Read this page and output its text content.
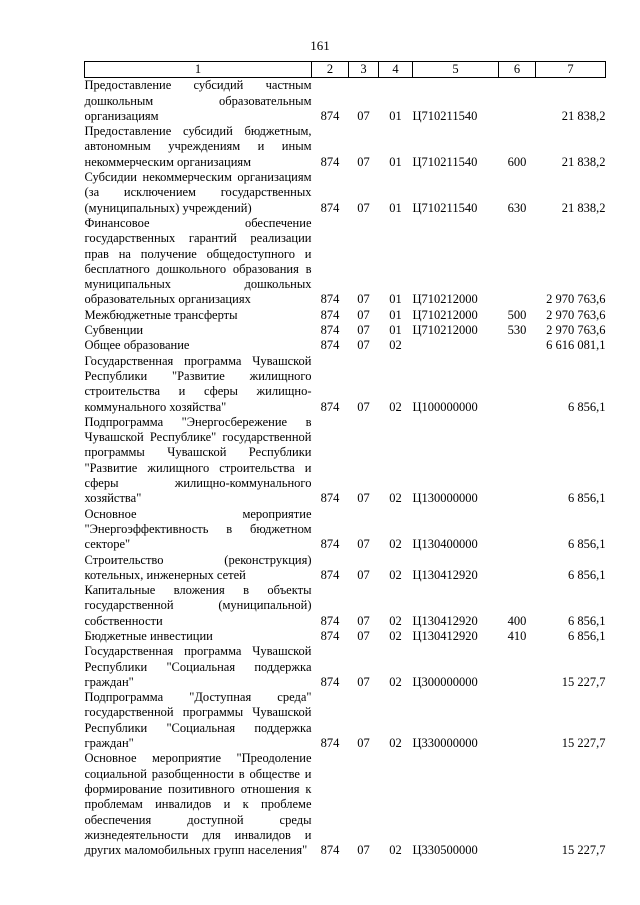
161
1	2	3	4	5	6	7
Предоставление субсидий частным дошкольным образовательным организациям	874	07	01	Ц710211540		21 838,2
Предоставление субсидий бюджетным, автономным учреждениям и иным некоммерческим организациям	874	07	01	Ц710211540	600	21 838,2
Субсидии некоммерческим организациям (за исключением государственных (муниципальных) учреждений)	874	07	01	Ц710211540	630	21 838,2
Финансовое обеспечение государственных гарантий реализации прав на получение общедоступного и бесплатного дошкольного образования в муниципальных дошкольных образовательных организациях	874	07	01	Ц710212000		2 970 763,6
Межбюджетные трансферты	874	07	01	Ц710212000	500	2 970 763,6
Субвенции	874	07	01	Ц710212000	530	2 970 763,6
Общее образование	874	07	02			6 616 081,1
Государственная программа Чувашской Республики "Развитие жилищного строительства и сферы жилищно-коммунального хозяйства"	874	07	02	Ц100000000		6 856,1
Подпрограмма "Энергосбережение в Чувашской Республике" государственной программы Чувашской Республики "Развитие жилищного строительства и сферы жилищно-коммунального хозяйства"	874	07	02	Ц130000000		6 856,1
Основное мероприятие "Энергоэффективность в бюджетном секторе"	874	07	02	Ц130400000		6 856,1
Строительство (реконструкция) котельных, инженерных сетей	874	07	02	Ц130412920		6 856,1
Капитальные вложения в объекты государственной (муниципальной) собственности	874	07	02	Ц130412920	400	6 856,1
Бюджетные инвестиции	874	07	02	Ц130412920	410	6 856,1
Государственная программа Чувашской Республики "Социальная поддержка граждан"	874	07	02	Ц300000000		15 227,7
Подпрограмма "Доступная среда" государственной программы Чувашской Республики "Социальная поддержка граждан"	874	07	02	Ц330000000		15 227,7
Основное мероприятие "Преодоление социальной разобщенности в обществе и формирование позитивного отношения к проблемам инвалидов и к проблеме обеспечения доступной среды жизнедеятельности для инвалидов и других маломобильных групп населения"	874	07	02	Ц330500000		15 227,7
